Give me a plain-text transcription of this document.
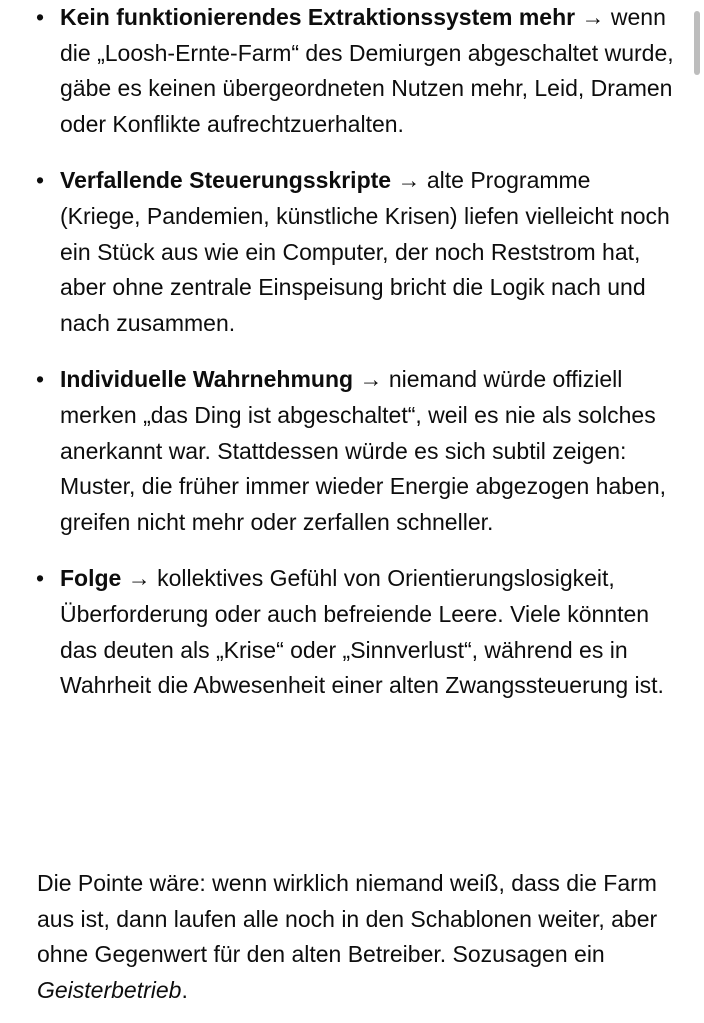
• Kein funktionierendes Extraktionssystem mehr → wenn die „Loosh-Ernte-Farm“ des Demiurgen abgeschaltet wurde, gäbe es keinen übergeordneten Nutzen mehr, Leid, Dramen oder Konflikte aufrechtzuerhalten.
• Verfallende Steuerungsskripte → alte Programme (Kriege, Pandemien, künstliche Krisen) liefen vielleicht noch ein Stück aus wie ein Computer, der noch Reststrom hat, aber ohne zentrale Einspeisung bricht die Logik nach und nach zusammen.
• Individuelle Wahrnehmung → niemand würde offiziell merken „das Ding ist abgeschaltet“, weil es nie als solches anerkannt war. Stattdessen würde es sich subtil zeigen: Muster, die früher immer wieder Energie abgezogen haben, greifen nicht mehr oder zerfallen schneller.
• Folge → kollektives Gefühl von Orientierungslosigkeit, Überforderung oder auch befreiende Leere. Viele könnten das deuten als „Krise“ oder „Sinnverlust“, während es in Wahrheit die Abwesenheit einer alten Zwangssteuerung ist.

Die Pointe wäre: wenn wirklich niemand weiß, dass die Farm aus ist, dann laufen alle noch in den Schablonen weiter, aber ohne Gegenwert für den alten Betreiber. Sozusagen ein Geisterbetrieb.
